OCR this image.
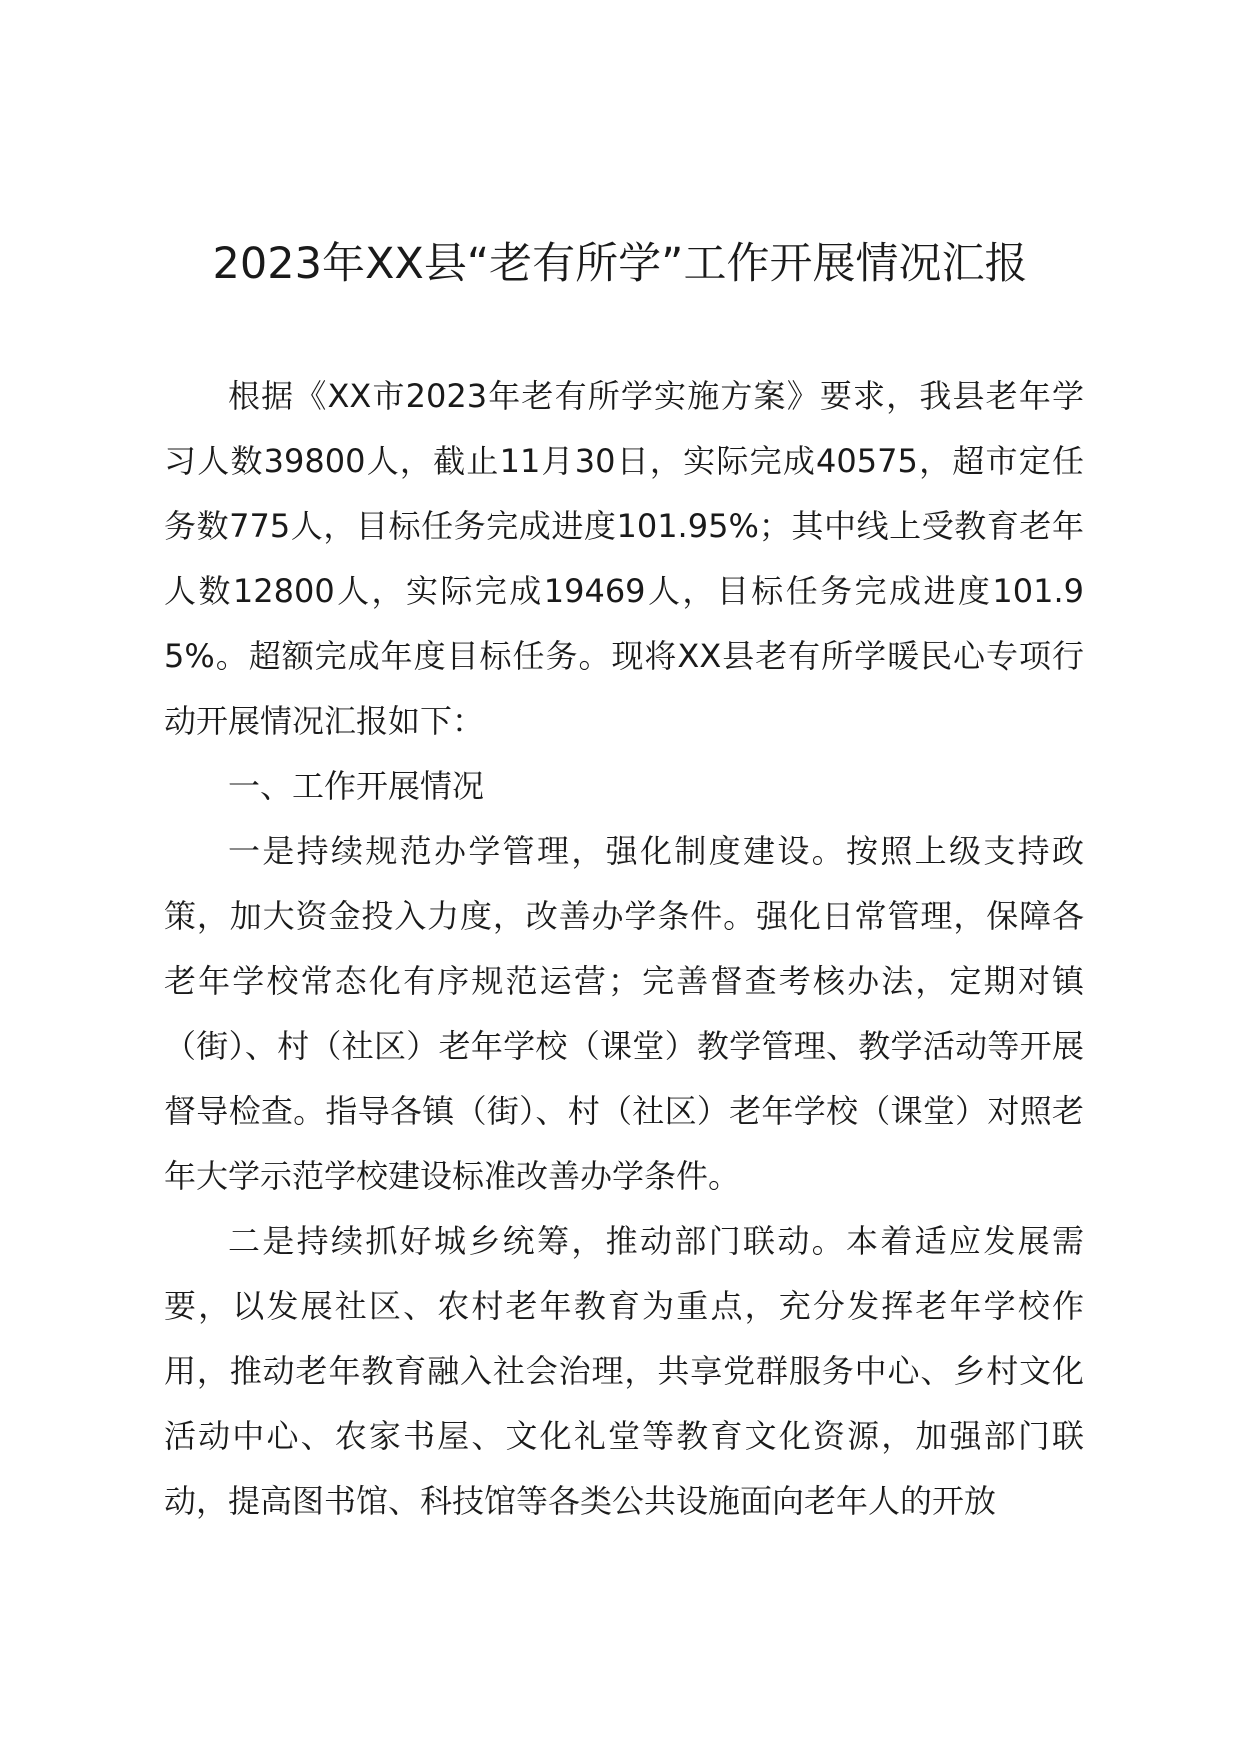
2023年XX县“老有所学”工作开展情况汇报

根据《XX市2023年老有所学实施方案》要求，我县老年学习人数39800人，截止11月30日，实际完成40575，超市定任务数775人，目标任务完成进度101.95%；其中线上受教育老年人数12800人，实际完成19469人，目标任务完成进度101.95%。超额完成年度目标任务。现将XX县老有所学暖民心专项行动开展情况汇报如下：

一、工作开展情况

一是持续规范办学管理，强化制度建设。按照上级支持政策，加大资金投入力度，改善办学条件。强化日常管理，保障各老年学校常态化有序规范运营；完善督查考核办法，定期对镇（街）、村（社区）老年学校（课堂）教学管理、教学活动等开展督导检查。指导各镇（街）、村（社区）老年学校（课堂）对照老年大学示范学校建设标准改善办学条件。

二是持续抓好城乡统筹，推动部门联动。本着适应发展需要，以发展社区、农村老年教育为重点，充分发挥老年学校作用，推动老年教育融入社会治理，共享党群服务中心、乡村文化活动中心、农家书屋、文化礼堂等教育文化资源，加强部门联动，提高图书馆、科技馆等各类公共设施面向老年人的开放
